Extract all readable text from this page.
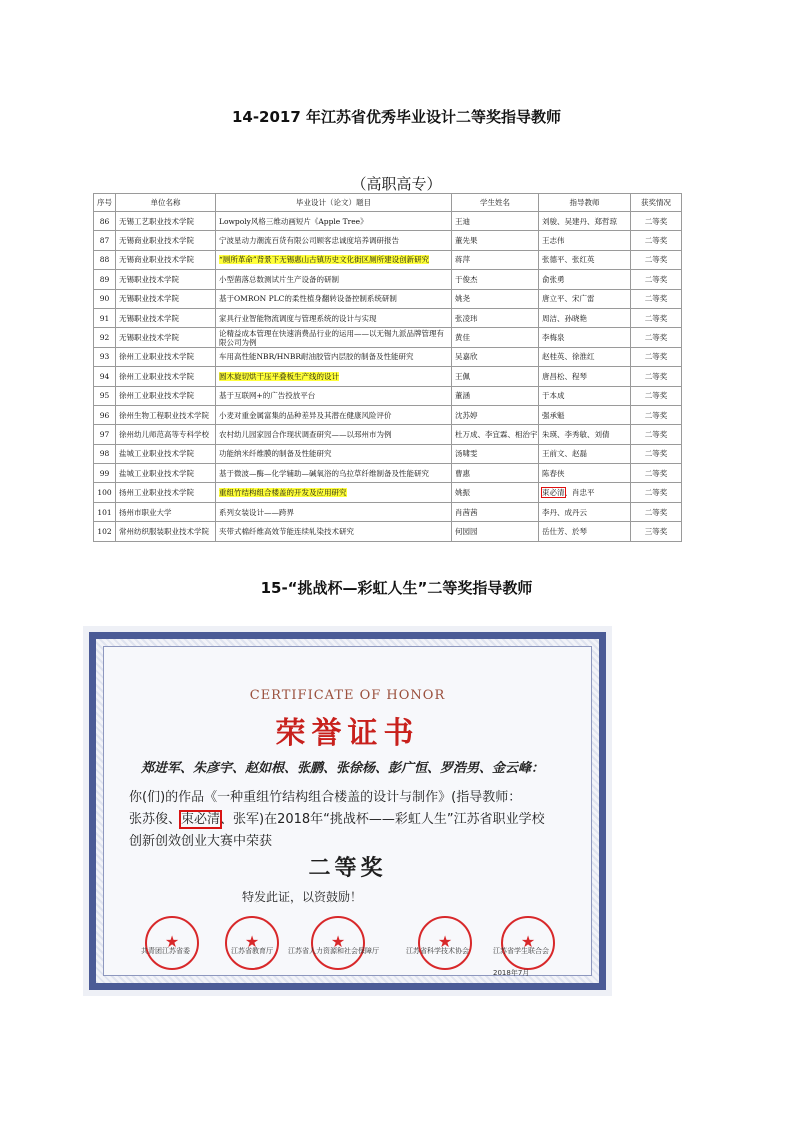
14-2017 年江苏省优秀毕业设计二等奖指导教师
（高职高专）
序号	单位名称	毕业设计（论文）题目	学生姓名	指导教师	获奖情况
86	无锡工艺职业技术学院	Lowpoly风格三维动画短片《Apple Tree》	王迪	刘骏、吴建丹、郑哲琼	二等奖
87	无锡商业职业技术学院	宁波星动力潮流百货有限公司顾客忠诚度培养调研报告	董先果	王志伟	二等奖
88	无锡商业职业技术学院	“厕所革命”背景下无锡惠山古镇历史文化街区厕所建设创新研究	蒋萍	张德平、张红英	二等奖
89	无锡职业技术学院	小型菌落总数测试片生产设备的研制	于俊杰	俞张勇	二等奖
90	无锡职业技术学院	基于OMRON PLC的柔性植身翻转设备控制系统研制	姚尧	唐立平、宋广雷	二等奖
91	无锡职业技术学院	家具行业智能物流调度与管理系统的设计与实现	张凌玮	周洁、孙晓艳	二等奖
92	无锡职业技术学院	论精益成本管理在快速消费品行业的运用——以无锡九派品牌管理有限公司为例	黄佳	李梅泉	二等奖
93	徐州工业职业技术学院	车用高性能NBR/HNBR耐油胶管内层胶的制备及性能研究	吴嘉欣	赵桂英、徐淮红	二等奖
94	徐州工业职业技术学院	圆木旋切烘干压平叠板生产线的设计	王佩	唐昌松、程琴	二等奖
95	徐州工业职业技术学院	基于互联网+的广告投放平台	董涵	于本成	二等奖
96	徐州生物工程职业技术学院	小麦对重金属富集的品种差异及其潜在健康风险评价	沈苏婷	强承魁	二等奖
97	徐州幼儿师范高等专科学校	农村幼儿园家园合作现状调查研究——以邳州市为例	杜万成、李宜霖、相治宇	朱瑛、李秀敏、刘倩	二等奖
98	盐城工业职业技术学院	功能纳米纤维膜的制备及性能研究	汤啸雯	王前文、赵磊	二等奖
99	盐城工业职业技术学院	基于微波—酶—化学辅助—碱氧浴的乌拉草纤维制备及性能研究	曹惠	陈春侠	二等奖
100	扬州工业职业技术学院	重组竹结构组合楼盖的开发及应用研究	姚振	束必清、肖忠平	二等奖
101	扬州市职业大学	系列女装设计——跨界	肖茜茜	李丹、成丹云	二等奖
102	常州纺织服装职业技术学院	夹带式棉纤维高效节能连续轧染技术研究	何园园	岳仕芳、於琴	三等奖
15-“挑战杯—彩虹人生”二等奖指导教师
CERTIFICATE OF HONOR
荣誉证书
郑进军、朱彦宇、赵如根、张鹏、张徐杨、彭广恒、罗浩男、金云峰：
你(们)的作品《一种重组竹结构组合楼盖的设计与制作》(指导教师：
张苏俊、束必清、张军)在2018年“挑战杯——彩虹人生”江苏省职业学校
创新创效创业大赛中荣获
二等奖
特发此证，以资鼓励！
★	★	★	★	★
共青团江苏省委	江苏省教育厅 江苏省人力资源和社会保障厅	江苏省科学技术协会	江苏省学生联合会
2018年7月
